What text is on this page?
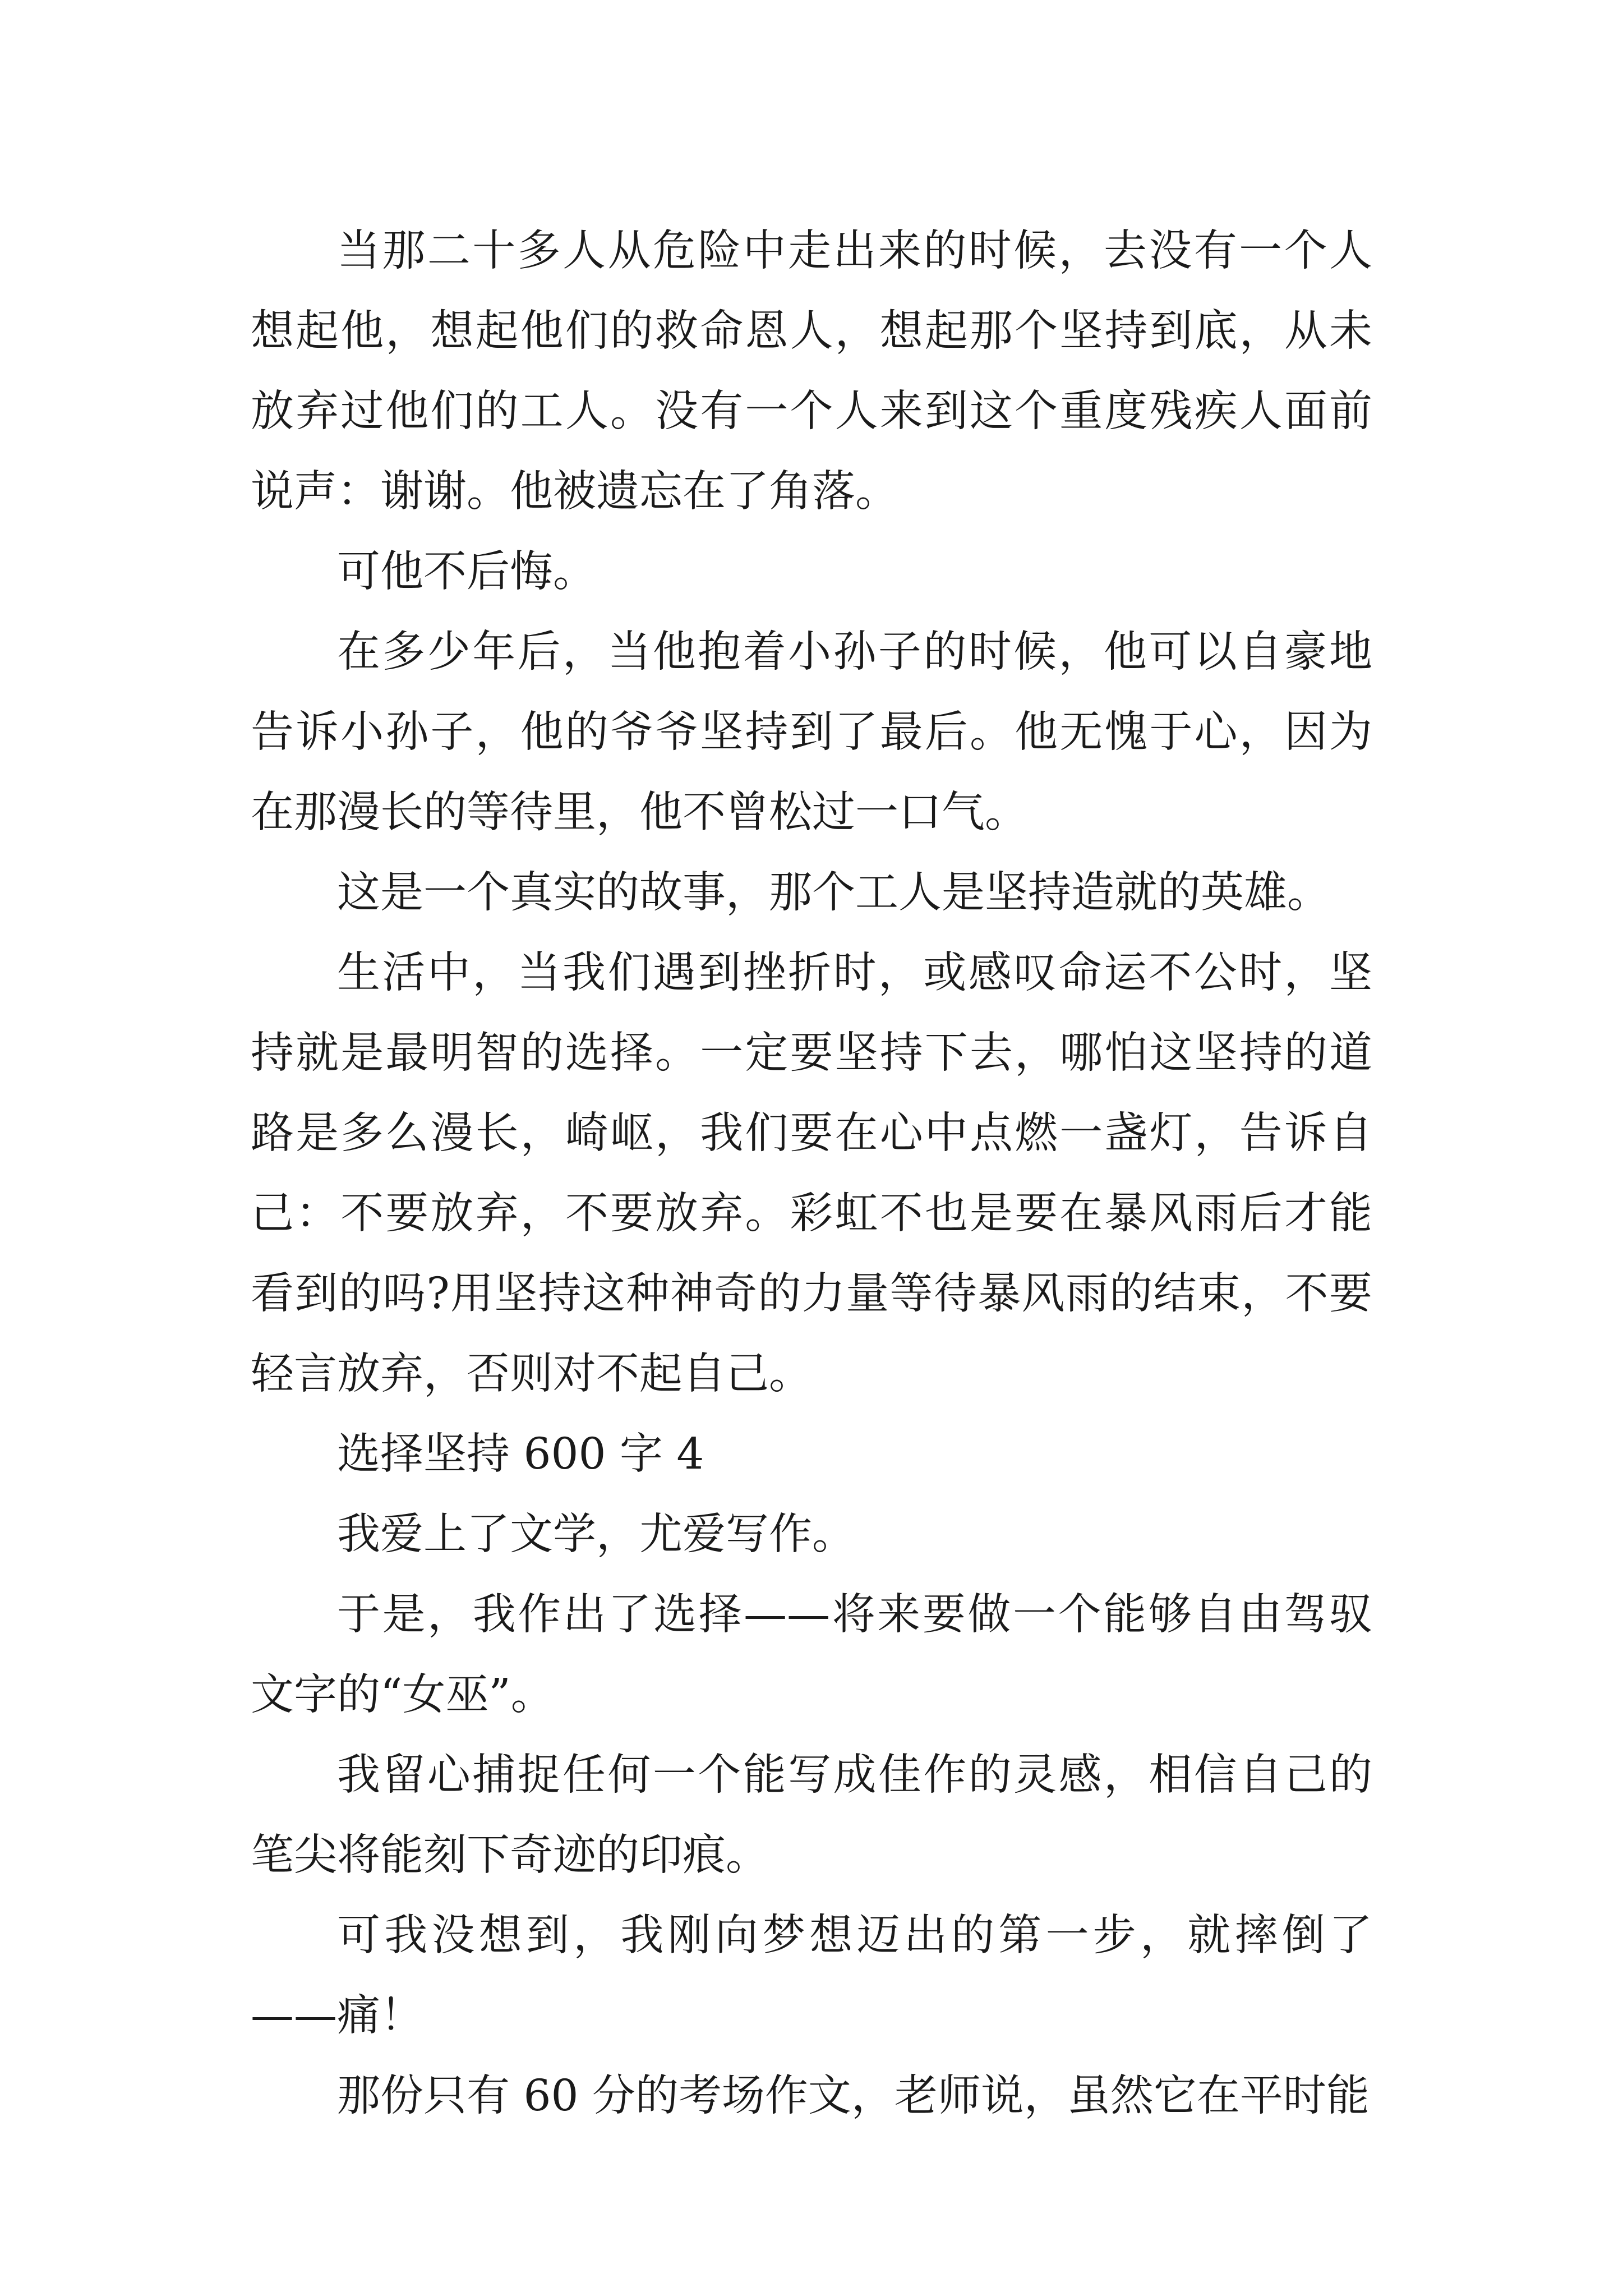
当那二十多人从危险中走出来的时候，去没有一个人想起他，想起他们的救命恩人，想起那个坚持到底，从未放弃过他们的工人。没有一个人来到这个重度残疾人面前说声：谢谢。他被遗忘在了角落。

可他不后悔。

在多少年后，当他抱着小孙子的时候，他可以自豪地告诉小孙子，他的爷爷坚持到了最后。他无愧于心，因为在那漫长的等待里，他不曾松过一口气。

这是一个真实的故事，那个工人是坚持造就的英雄。

生活中，当我们遇到挫折时，或感叹命运不公时，坚持就是最明智的选择。一定要坚持下去，哪怕这坚持的道路是多么漫长，崎岖，我们要在心中点燃一盏灯，告诉自己：不要放弃，不要放弃。彩虹不也是要在暴风雨后才能看到的吗?用坚持这种神奇的力量等待暴风雨的结束，不要轻言放弃，否则对不起自己。

选择坚持 600 字 4

我爱上了文学，尤爱写作。

于是，我作出了选择——将来要做一个能够自由驾驭文字的“女巫”。

我留心捕捉任何一个能写成佳作的灵感，相信自己的笔尖将能刻下奇迹的印痕。

可我没想到，我刚向梦想迈出的第一步，就摔倒了——痛！

那份只有 60 分的考场作文，老师说，虽然它在平时能
